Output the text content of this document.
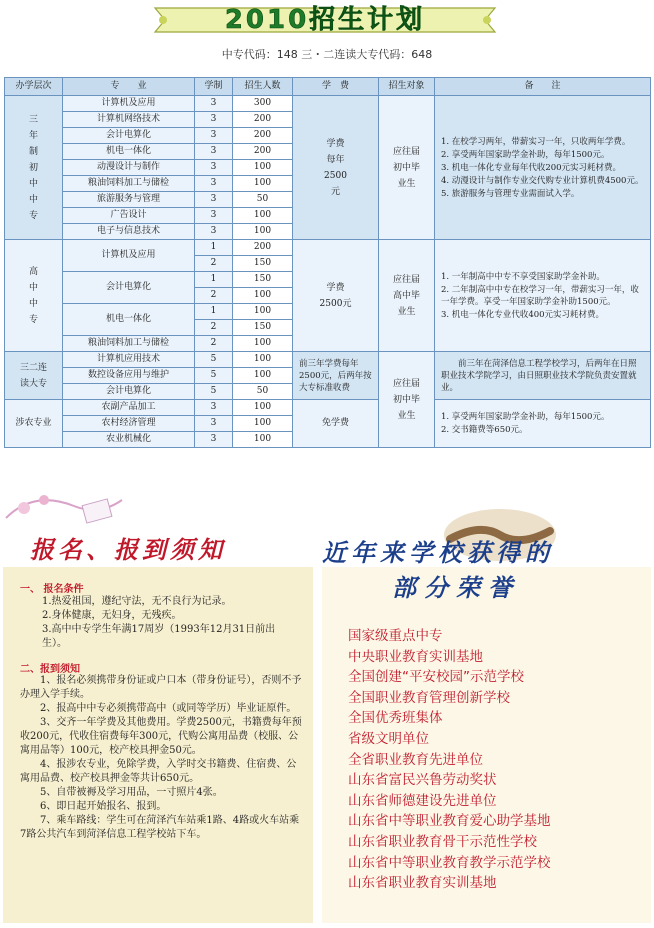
2010招生计划
中专代码：148 三・二连读大专代码：648
办学层次	专　　业	学制	招生人数	学　费	招生对象	备　　注
三年制初中中专	计算机及应用	3	300	学费每年2500元	应往届初中毕业生	1. 在校学习两年，带薪实习一年，只收两年学费。
2. 享受两年国家助学金补助，每年1500元。
3. 机电一体化专业每年代收200元实习耗材费。
4. 动漫设计与制作专业交代购专业计算机费4500元。
5. 旅游服务与管理专业需面试入学。

	计算机网络技术	3	200			
	会计电算化	3	200			
	机电一体化	3	200			
	动漫设计与制作	3	100			
	粮油饲料加工与储检	3	100			
	旅游服务与管理	3	50			
	广告设计	3	100			
	电子与信息技术	3	100			
高中中专	计算机及应用	1	200	学费2500元	应往届高中毕业生	1. 一年制高中中专不享受国家助学金补助。
2. 二年制高中中专在校学习一年，带薪实习一年，收一年学费。享受一年国家助学金补助1500元。
3. 机电一体化专业代收400元实习耗材费。

		2	150			
	会计电算化	1	150			
		2	100			
	机电一体化	1	100			
		2	150			
	粮油饲料加工与储检	2	100			
三二连读大专	计算机应用技术	5	100	前三年学费每年2500元，后两年按大专标准收费	应往届初中毕业生	前三年在菏泽信息工程学校学习，后两年在日照职业技术学院学习，由日照职业技术学院负责安置就业。

	数控设备应用与维护	5	100			
	会计电算化	5	50			
涉农专业	农副产品加工	3	100	免学费		1. 享受两年国家助学金补助，每年1500元。
2. 交书籍费等650元。

	农村经济管理	3	100			
	农业机械化	3	100			
报名、报到须知	近年来学校获得的
部分荣誉
一、 报名条件
1.热爱祖国，遵纪守法，无不良行为记录。
2.身体健康，无妇身，无残疾。
3.高中中专学生年满17周岁（1993年12月31日前出生）。
二、报到须知
1、报名必须携带身份证或户口本（带身份证号），否则不予办理入学手续。
2、报高中中专必须携带高中（或同等学历）毕业证原件。
3、交齐一年学费及其他费用。学费2500元，书籍费每年预收200元，代收住宿费每年300元，代购公寓用品费（校服、公寓用品等）100元，校产校具押金50元。
4、报涉农专业，免除学费，入学时交书籍费、住宿费、公寓用品费、校产校具押金等共计650元。
5、自带被褥及学习用品，一寸照片4张。
6、即日起开始报名、报到。
7、乘车路线：学生可在菏泽汽车站乘1路、4路或火车站乘7路公共汽车到菏泽信息工程学校站下车。
国家级重点中专
中央职业教育实训基地
全国创建“平安校园”示范学校
全国职业教育管理创新学校
全国优秀班集体
省级文明单位
全省职业教育先进单位
山东省富民兴鲁劳动奖状
山东省师德建设先进单位
山东省中等职业教育爱心助学基地
山东省职业教育骨干示范性学校
山东省中等职业教育教学示范学校
山东省职业教育实训基地
